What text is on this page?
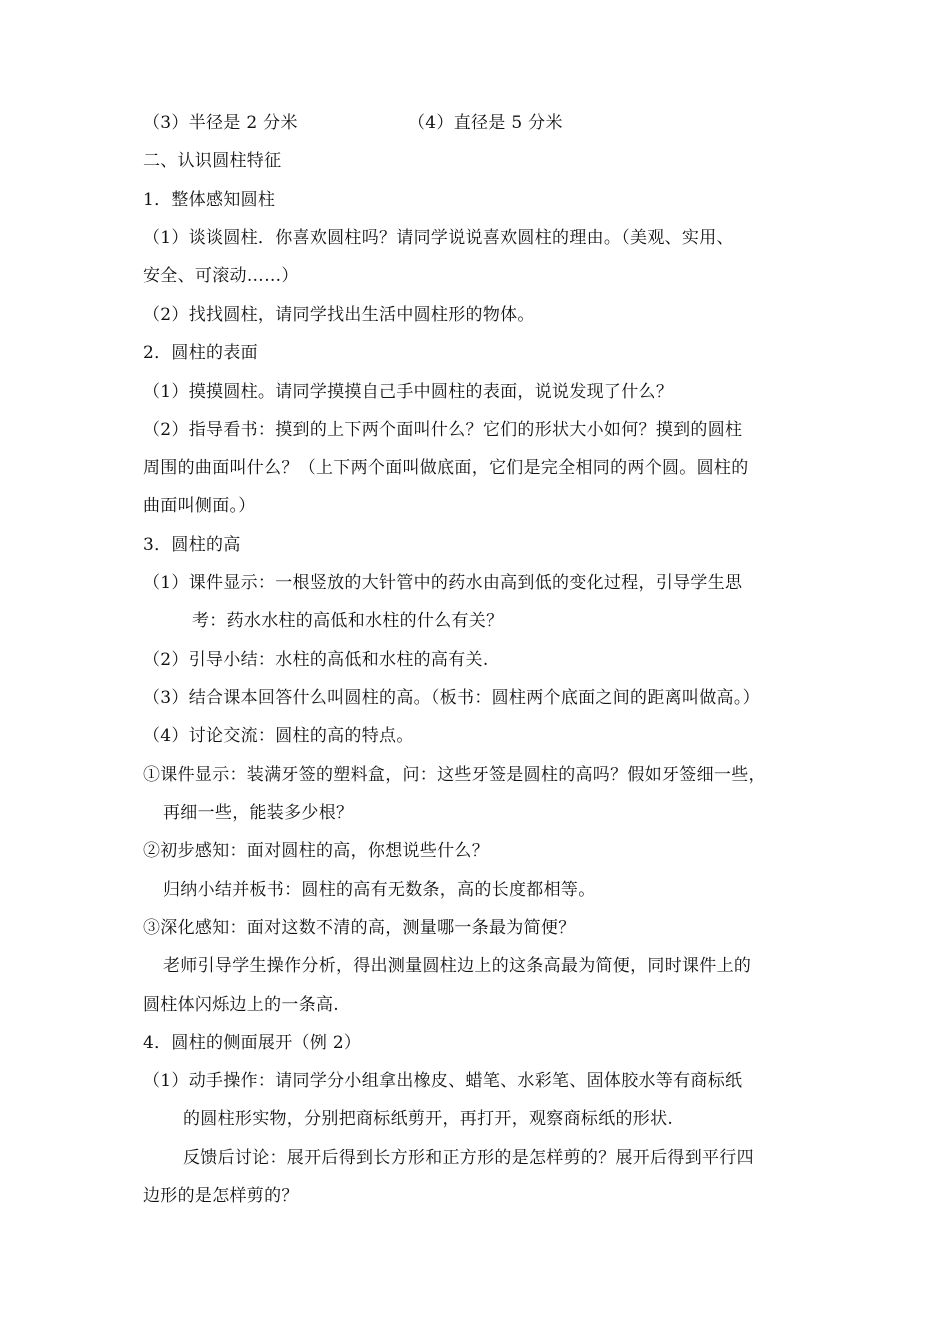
（3）半径是 2 分米	（4）直径是 5 分米
二、认识圆柱特征
1．整体感知圆柱
（1）谈谈圆柱．你喜欢圆柱吗？请同学说说喜欢圆柱的理由。（美观、实用、
安全、可滚动……）
（2）找找圆柱，请同学找出生活中圆柱形的物体。
2．圆柱的表面
（1）摸摸圆柱。请同学摸摸自己手中圆柱的表面，说说发现了什么？
（2）指导看书：摸到的上下两个面叫什么？它们的形状大小如何？摸到的圆柱
周围的曲面叫什么？（上下两个面叫做底面，它们是完全相同的两个圆。圆柱的
曲面叫侧面。）
3．圆柱的高
（1）课件显示：一根竖放的大针管中的药水由高到低的变化过程，引导学生思
考：药水水柱的高低和水柱的什么有关？
（2）引导小结：水柱的高低和水柱的高有关.
（3）结合课本回答什么叫圆柱的高。（板书：圆柱两个底面之间的距离叫做高。）
（4）讨论交流：圆柱的高的特点。
①课件显示：装满牙签的塑料盒，问：这些牙签是圆柱的高吗？假如牙签细一些，
再细一些，能装多少根？
②初步感知：面对圆柱的高，你想说些什么？
归纳小结并板书：圆柱的高有无数条，高的长度都相等。
③深化感知：面对这数不清的高，测量哪一条最为简便？
老师引导学生操作分析，得出测量圆柱边上的这条高最为简便，同时课件上的
圆柱体闪烁边上的一条高.
4．圆柱的侧面展开（例 2）
（1）动手操作：请同学分小组拿出橡皮、蜡笔、水彩笔、固体胶水等有商标纸
的圆柱形实物，分别把商标纸剪开，再打开，观察商标纸的形状.
反馈后讨论：展开后得到长方形和正方形的是怎样剪的？展开后得到平行四
边形的是怎样剪的？
